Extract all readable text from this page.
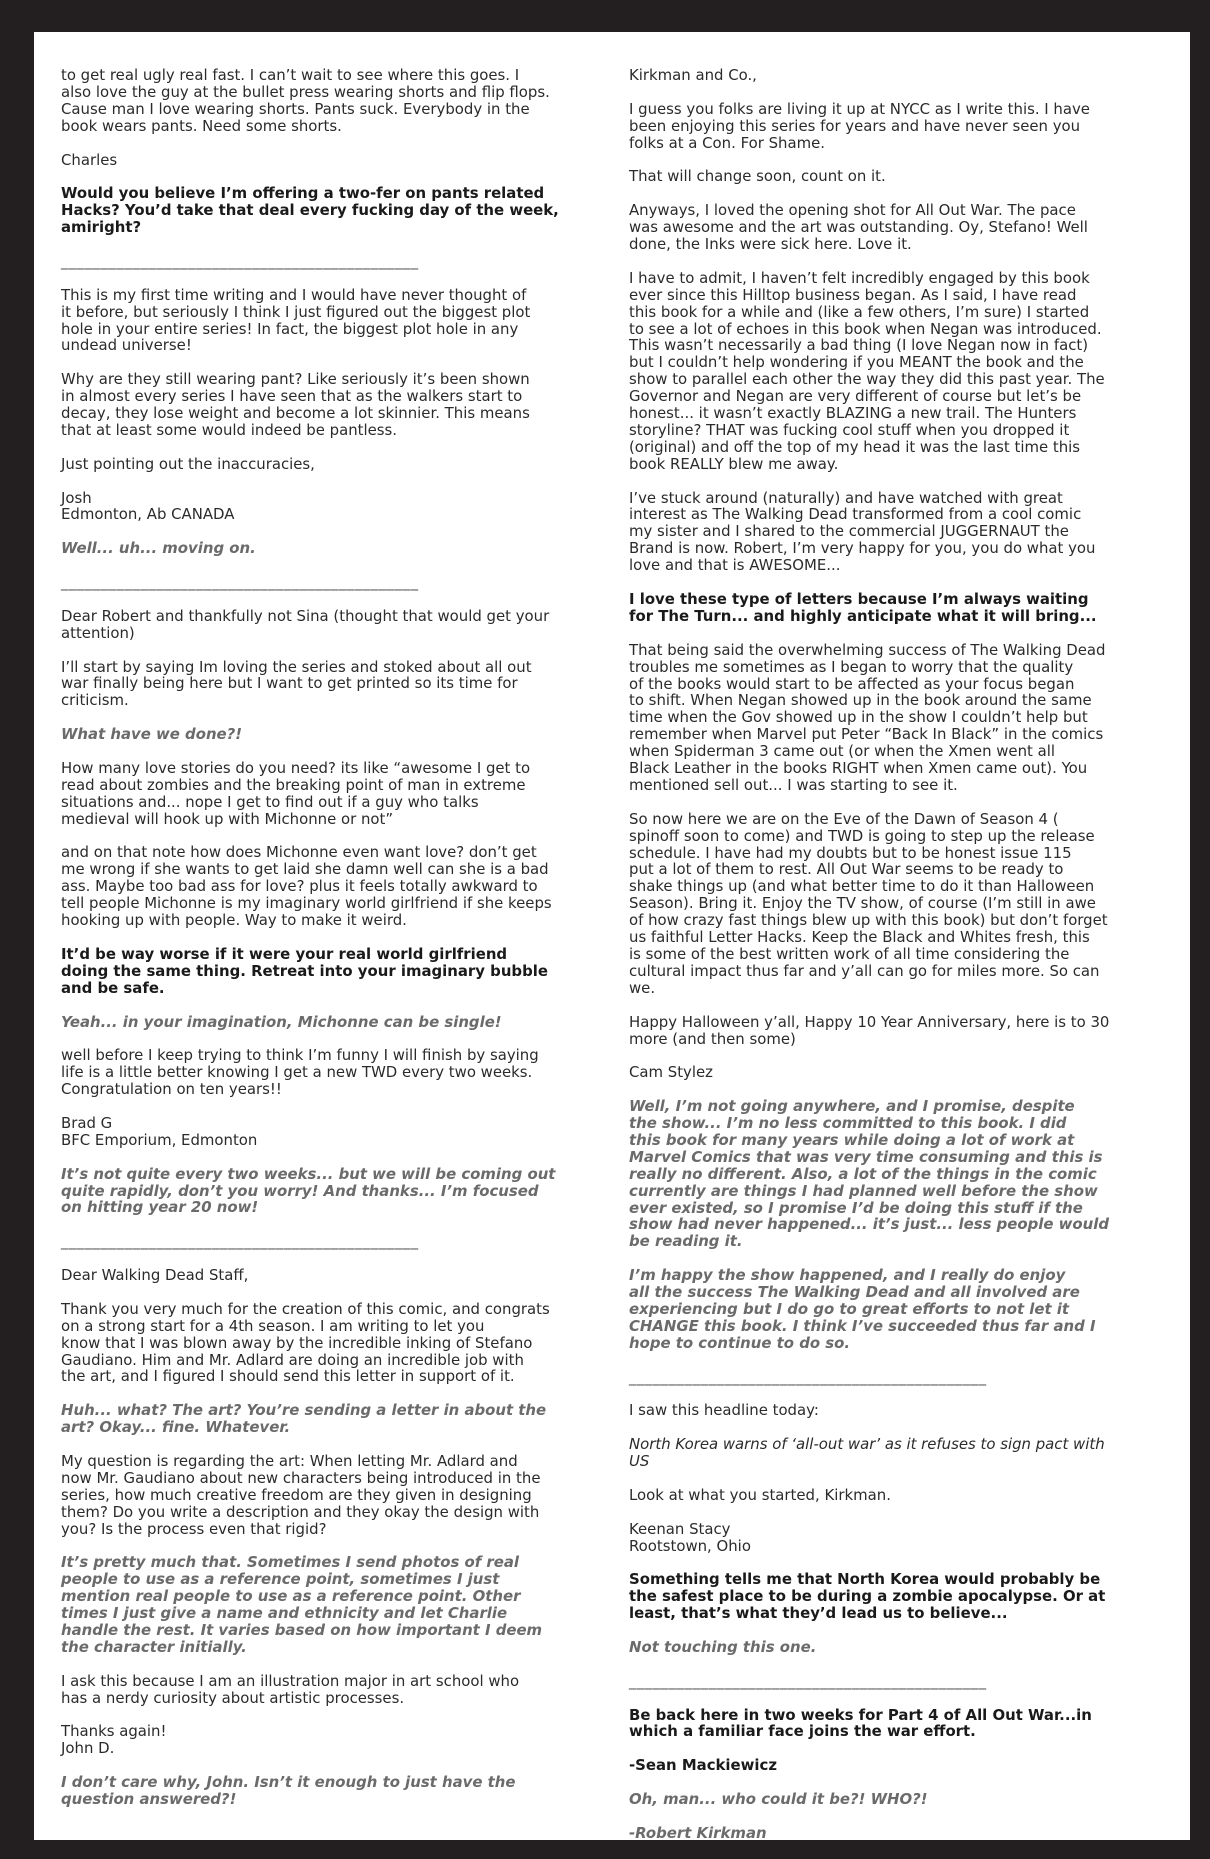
to get real ugly real fast. I can’t wait to see where this goes. I
also love the guy at the bullet press wearing shorts and flip flops.
Cause man I love wearing shorts. Pants suck. Everybody in the
book wears pants. Need some shorts.

Charles

Would you believe I’m offering a two-fer on pants related
Hacks? You’d take that deal every fucking day of the week,
amiright?

_____________________________________________

This is my first time writing and I would have never thought of
it before, but seriously I think I just figured out the biggest plot
hole in your entire series! In fact, the biggest plot hole in any
undead universe!

Why are they still wearing pant? Like seriously it’s been shown
in almost every series I have seen that as the walkers start to
decay, they lose weight and become a lot skinnier. This means
that at least some would indeed be pantless.

Just pointing out the inaccuracies,

Josh
Edmonton, Ab CANADA

Well... uh... moving on.

_____________________________________________

Dear Robert and thankfully not Sina (thought that would get your
attention)

I’ll start by saying Im loving the series and stoked about all out
war finally being here but I want to get printed so its time for
criticism.

What have we done?!

How many love stories do you need? its like “awesome I get to
read about zombies and the breaking point of man in extreme
situations and... nope I get to find out if a guy who talks
medieval will hook up with Michonne or not”

and on that note how does Michonne even want love? don’t get
me wrong if she wants to get laid she damn well can she is a bad
ass. Maybe too bad ass for love? plus it feels totally awkward to
tell people Michonne is my imaginary world girlfriend if she keeps
hooking up with people. Way to make it weird.

It’d be way worse if it were your real world girlfriend
doing the same thing. Retreat into your imaginary bubble
and be safe.

Yeah... in your imagination, Michonne can be single!

well before I keep trying to think I’m funny I will finish by saying
life is a little better knowing I get a new TWD every two weeks.
Congratulation on ten years!!

Brad G
BFC Emporium, Edmonton

It’s not quite every two weeks... but we will be coming out
quite rapidly, don’t you worry! And thanks... I’m focused
on hitting year 20 now!

_____________________________________________

Dear Walking Dead Staff,

Thank you very much for the creation of this comic, and congrats
on a strong start for a 4th season. I am writing to let you
know that I was blown away by the incredible inking of Stefano
Gaudiano. Him and Mr. Adlard are doing an incredible job with
the art, and I figured I should send this letter in support of it.

Huh... what? The art? You’re sending a letter in about the
art? Okay... fine. Whatever.

My question is regarding the art: When letting Mr. Adlard and
now Mr. Gaudiano about new characters being introduced in the
series, how much creative freedom are they given in designing
them? Do you write a description and they okay the design with
you? Is the process even that rigid?

It’s pretty much that. Sometimes I send photos of real
people to use as a reference point, sometimes I just
mention real people to use as a reference point. Other
times I just give a name and ethnicity and let Charlie
handle the rest. It varies based on how important I deem
the character initially.

I ask this because I am an illustration major in art school who
has a nerdy curiosity about artistic processes.

Thanks again!
John D.

I don’t care why, John. Isn’t it enough to just have the
question answered?!

_____________________________________________

Kirkman and Co.,

I guess you folks are living it up at NYCC as I write this. I have
been enjoying this series for years and have never seen you
folks at a Con. For Shame.

That will change soon, count on it.

Anyways, I loved the opening shot for All Out War. The pace
was awesome and the art was outstanding. Oy, Stefano! Well
done, the Inks were sick here. Love it.

I have to admit, I haven’t felt incredibly engaged by this book
ever since this Hilltop business began. As I said, I have read
this book for a while and (like a few others, I’m sure) I started
to see a lot of echoes in this book when Negan was introduced.
This wasn’t necessarily a bad thing (I love Negan now in fact)
but I couldn’t help wondering if you MEANT the book and the
show to parallel each other the way they did this past year. The
Governor and Negan are very different of course but let’s be
honest... it wasn’t exactly BLAZING a new trail. The Hunters
storyline? THAT was fucking cool stuff when you dropped it
(original) and off the top of my head it was the last time this
book REALLY blew me away.

I’ve stuck around (naturally) and have watched with great
interest as The Walking Dead transformed from a cool comic
my sister and I shared to the commercial JUGGERNAUT the
Brand is now. Robert, I’m very happy for you, you do what you
love and that is AWESOME...

I love these type of letters because I’m always waiting
for The Turn... and highly anticipate what it will bring...

That being said the overwhelming success of The Walking Dead
troubles me sometimes as I began to worry that the quality
of the books would start to be affected as your focus began
to shift. When Negan showed up in the book around the same
time when the Gov showed up in the show I couldn’t help but
remember when Marvel put Peter “Back In Black” in the comics
when Spiderman 3 came out (or when the Xmen went all
Black Leather in the books RIGHT when Xmen came out). You
mentioned sell out... I was starting to see it.

So now here we are on the Eve of the Dawn of Season 4 (
spinoff soon to come) and TWD is going to step up the release
schedule. I have had my doubts but to be honest issue 115
put a lot of them to rest. All Out War seems to be ready to
shake things up (and what better time to do it than Halloween
Season). Bring it. Enjoy the TV show, of course (I’m still in awe
of how crazy fast things blew up with this book) but don’t forget
us faithful Letter Hacks. Keep the Black and Whites fresh, this
is some of the best written work of all time considering the
cultural impact thus far and y’all can go for miles more. So can
we.

Happy Halloween y’all, Happy 10 Year Anniversary, here is to 30
more (and then some)

Cam Stylez

Well, I’m not going anywhere, and I promise, despite
the show... I’m no less committed to this book. I did
this book for many years while doing a lot of work at
Marvel Comics that was very time consuming and this is
really no different. Also, a lot of the things in the comic
currently are things I had planned well before the show
ever existed, so I promise I’d be doing this stuff if the
show had never happened... it’s just... less people would
be reading it.

I’m happy the show happened, and I really do enjoy
all the success The Walking Dead and all involved are
experiencing but I do go to great efforts to not let it
CHANGE this book. I think I’ve succeeded thus far and I
hope to continue to do so.

_____________________________________________

I saw this headline today:

North Korea warns of ‘all-out war’ as it refuses to sign pact with
US

Look at what you started, Kirkman.

Keenan Stacy
Rootstown, Ohio

Something tells me that North Korea would probably be
the safest place to be during a zombie apocalypse. Or at
least, that’s what they’d lead us to believe...

Not touching this one.

_____________________________________________

Be back here in two weeks for Part 4 of All Out War...in
which a familiar face joins the war effort.

-Sean Mackiewicz

Oh, man... who could it be?! WHO?!

-Robert Kirkman
